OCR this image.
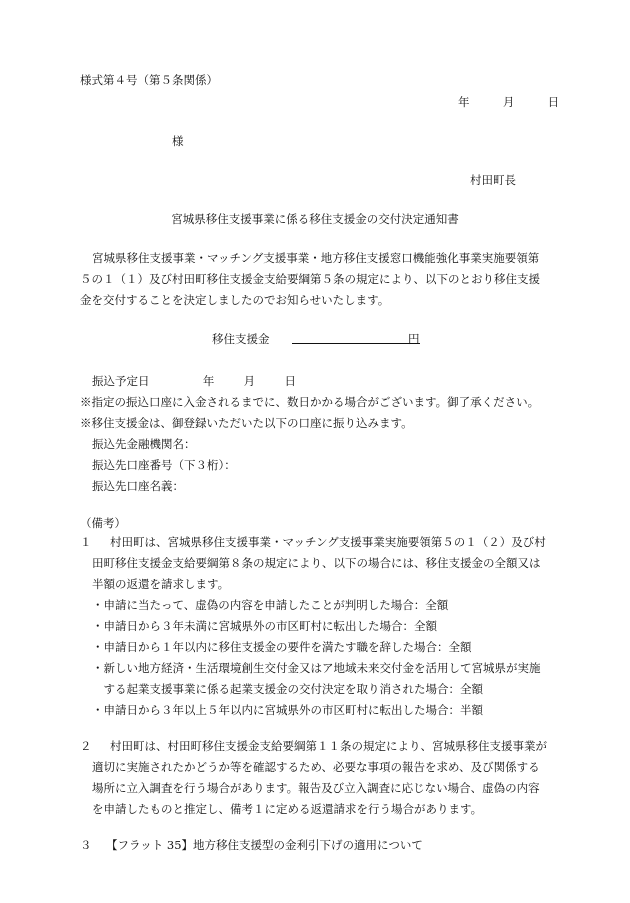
様式第４号（第５条関係）
年	月	日
様
村田町長
宮城県移住支援事業に係る移住支援金の交付決定通知書
宮城県移住支援事業・マッチング支援事業・地方移住支援窓口機能強化事業実施要領第
５の１（１）及び村田町移住支援金支給要綱第５条の規定により、以下のとおり移住支援
金を交付することを決定しましたのでお知らせいたします。
移住支援金	円
振込予定日	年	月	日
※指定の振込口座に入金されるまでに、数日かかる場合がございます。御了承ください。
※移住支援金は、御登録いただいた以下の口座に振り込みます。
振込先金融機関名：
振込先口座番号（下３桁）：
振込先口座名義：
（備考）
１ 村田町は、宮城県移住支援事業・マッチング支援事業実施要領第５の１（２）及び村
田町移住支援金支給要綱第８条の規定により、以下の場合には、移住支援金の全額又は
半額の返還を請求します。
・申請に当たって、虚偽の内容を申請したことが判明した場合：全額
・申請日から３年未満に宮城県外の市区町村に転出した場合：全額
・申請日から１年以内に移住支援金の要件を満たす職を辞した場合：全額
・新しい地方経済・生活環境創生交付金又はア地域未来交付金を活用して宮城県が実施
　する起業支援事業に係る起業支援金の交付決定を取り消された場合：全額
・申請日から３年以上５年以内に宮城県外の市区町村に転出した場合：半額
２ 村田町は、村田町移住支援金支給要綱第１１条の規定により、宮城県移住支援事業が
適切に実施されたかどうか等を確認するため、必要な事項の報告を求め、及び関係する
場所に立入調査を行う場合があります。報告及び立入調査に応じない場合、虚偽の内容
を申請したものと推定し、備考１に定める返還請求を行う場合があります。
３ 【フラット 35】地方移住支援型の金利引下げの適用について
